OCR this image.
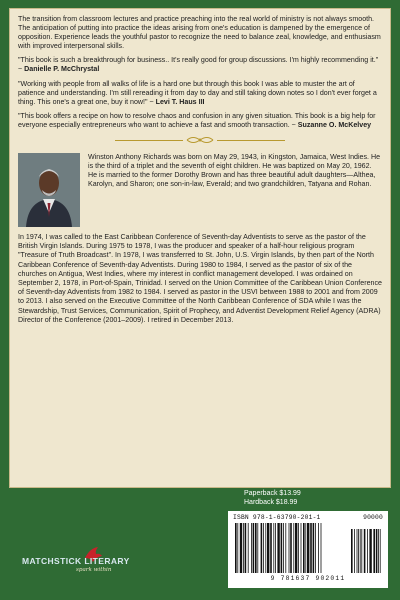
The transition from classroom lectures and practice preaching into the real world of ministry is not always smooth. The anticipation of putting into practice the ideas arising from one's education is dampened by the emergence of opposition. Experience leads the youthful pastor to recognize the need to balance zeal, knowledge, and enthusiasm with improved interpersonal skills.

"This book is such a breakthrough for business.. It's really good for group discussions. I'm highly recommending it." ~ Danielle P. McChrystal

"Working with people from all walks of life is a hard one but through this book I was able to muster the art of patience and understanding. I'm still rereading it from day to day and still taking down notes so I don't ever forget a thing. This one's a great one, buy it now!" ~ Levi T. Haus III

"This book offers a recipe on how to resolve chaos and confusion in any given situation. This book is a big help for everyone especially entrepreneurs who want to achieve a fast and smooth transaction. ~ Suzanne O. McKelvey

Winston Anthony Richards was born on May 29, 1943, in Kingston, Jamaica, West Indies. He is the third of a triplet and the seventh of eight children. He was baptized on May 20, 1962. He is married to the former Dorothy Brown and has three beautiful adult daughters—Althea, Karolyn, and Sharon; one son-in-law, Everald; and two grandchildren, Tatyana and Rohan.

In 1974, I was called to the East Caribbean Conference of Seventh-day Adventists to serve as the pastor of the British Virgin Islands. During 1975 to 1978, I was the producer and speaker of a half-hour religious program "Treasure of Truth Broadcast". In 1978, I was transferred to St. John, U.S. Virgin Islands, by then part of the North Caribbean Conference of Seventh-day Adventists. During 1980 to 1984, I served as the pastor of six of the churches on Antigua, West Indies, where my interest in conflict management developed. I was ordained on September 2, 1978, in Port-of-Spain, Trinidad. I served on the Union Committee of the Caribbean Union Conference of Seventh-day Adventists from 1982 to 1984. I served as pastor in the USVI between 1988 to 2001 and from 2009 to 2013. I also served on the Executive Committee of the North Caribbean Conference of SDA while I was the Stewardship, Trust Services, Communication, Spirit of Prophecy, and Adventist Development Relief Agency (ADRA) Director of the Conference (2001–2009). I retired in December 2013.

Paperback $13.99
Hardback $18.99
ISBN 978-1-63790-201-1	90000
9 781637 902011
MATCHSTICK LITERARY
spark within
